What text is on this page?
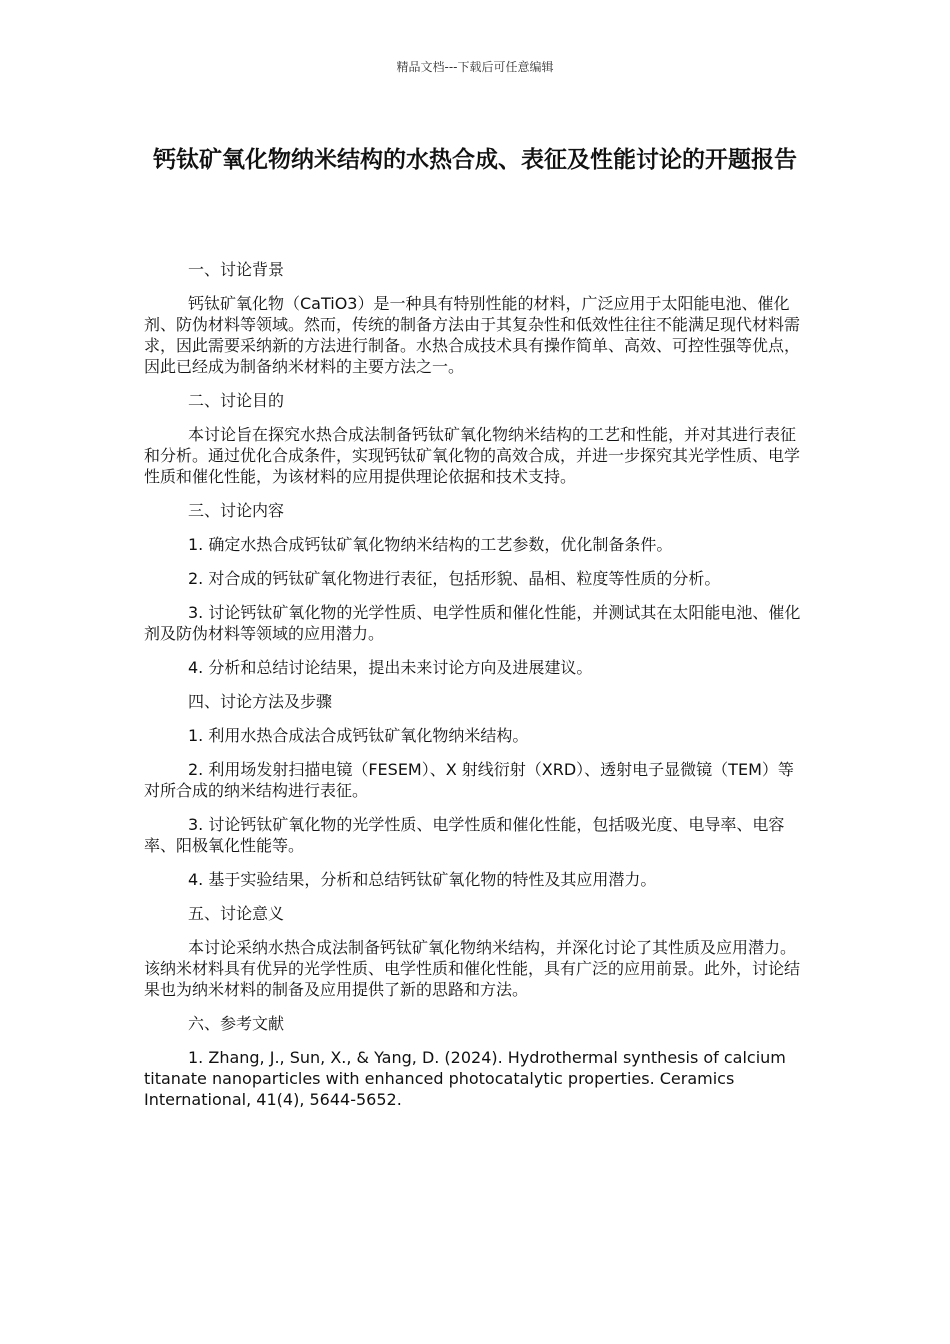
精品文档---下载后可任意编辑
钙钛矿氧化物纳米结构的水热合成、表征及性能讨论的开题报告

一、讨论背景

钙钛矿氧化物（CaTiO3）是一种具有特别性能的材料，广泛应用于太阳能电池、催化剂、防伪材料等领域。然而，传统的制备方法由于其复杂性和低效性往往不能满足现代材料需求，因此需要采纳新的方法进行制备。水热合成技术具有操作简单、高效、可控性强等优点，因此已经成为制备纳米材料的主要方法之一。

二、讨论目的

本讨论旨在探究水热合成法制备钙钛矿氧化物纳米结构的工艺和性能，并对其进行表征和分析。通过优化合成条件，实现钙钛矿氧化物的高效合成，并进一步探究其光学性质、电学性质和催化性能，为该材料的应用提供理论依据和技术支持。

三、讨论内容

1. 确定水热合成钙钛矿氧化物纳米结构的工艺参数，优化制备条件。

2. 对合成的钙钛矿氧化物进行表征，包括形貌、晶相、粒度等性质的分析。

3. 讨论钙钛矿氧化物的光学性质、电学性质和催化性能，并测试其在太阳能电池、催化剂及防伪材料等领域的应用潜力。

4. 分析和总结讨论结果，提出未来讨论方向及进展建议。

四、讨论方法及步骤

1. 利用水热合成法合成钙钛矿氧化物纳米结构。

2. 利用场发射扫描电镜（FESEM）、X 射线衍射（XRD）、透射电子显微镜（TEM）等对所合成的纳米结构进行表征。

3. 讨论钙钛矿氧化物的光学性质、电学性质和催化性能，包括吸光度、电导率、电容率、阳极氧化性能等。

4. 基于实验结果，分析和总结钙钛矿氧化物的特性及其应用潜力。

五、讨论意义

本讨论采纳水热合成法制备钙钛矿氧化物纳米结构，并深化讨论了其性质及应用潜力。该纳米材料具有优异的光学性质、电学性质和催化性能，具有广泛的应用前景。此外，讨论结果也为纳米材料的制备及应用提供了新的思路和方法。

六、参考文献

1. Zhang, J., Sun, X., & Yang, D. (2024). Hydrothermal synthesis of calcium titanate nanoparticles with enhanced photocatalytic properties. Ceramics International, 41(4), 5644-5652.
